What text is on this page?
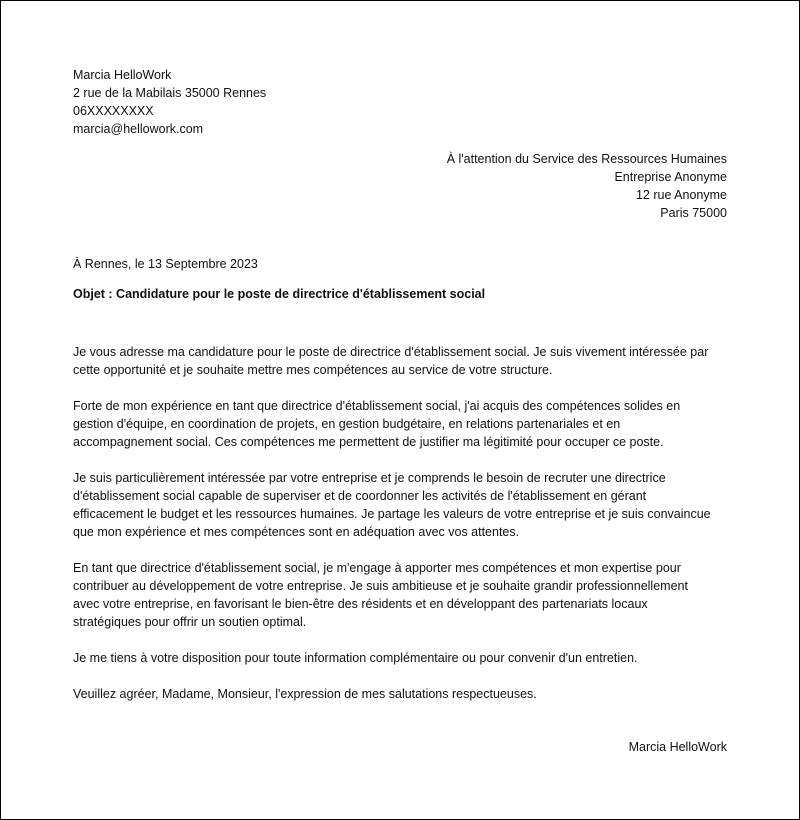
Marcia HelloWork
2 rue de la Mabilais 35000 Rennes
06XXXXXXXX
marcia@hellowork.com
À l'attention du Service des Ressources Humaines
Entreprise Anonyme
12 rue Anonyme
Paris 75000
À Rennes, le 13 Septembre 2023
Objet : Candidature pour le poste de directrice d'établissement social

Je vous adresse ma candidature pour le poste de directrice d'établissement social. Je suis vivement intéressée par
cette opportunité et je souhaite mettre mes compétences au service de votre structure.

Forte de mon expérience en tant que directrice d'établissement social, j'ai acquis des compétences solides en
gestion d'équipe, en coordination de projets, en gestion budgétaire, en relations partenariales et en
accompagnement social. Ces compétences me permettent de justifier ma légitimité pour occuper ce poste.

Je suis particulièrement intéressée par votre entreprise et je comprends le besoin de recruter une directrice
d'établissement social capable de superviser et de coordonner les activités de l'établissement en gérant
efficacement le budget et les ressources humaines. Je partage les valeurs de votre entreprise et je suis convaincue
que mon expérience et mes compétences sont en adéquation avec vos attentes.

En tant que directrice d'établissement social, je m'engage à apporter mes compétences et mon expertise pour
contribuer au développement de votre entreprise. Je suis ambitieuse et je souhaite grandir professionnellement
avec votre entreprise, en favorisant le bien-être des résidents et en développant des partenariats locaux
stratégiques pour offrir un soutien optimal.

Je me tiens à votre disposition pour toute information complémentaire ou pour convenir d'un entretien.

Veuillez agréer, Madame, Monsieur, l'expression de mes salutations respectueuses.

Marcia HelloWork
